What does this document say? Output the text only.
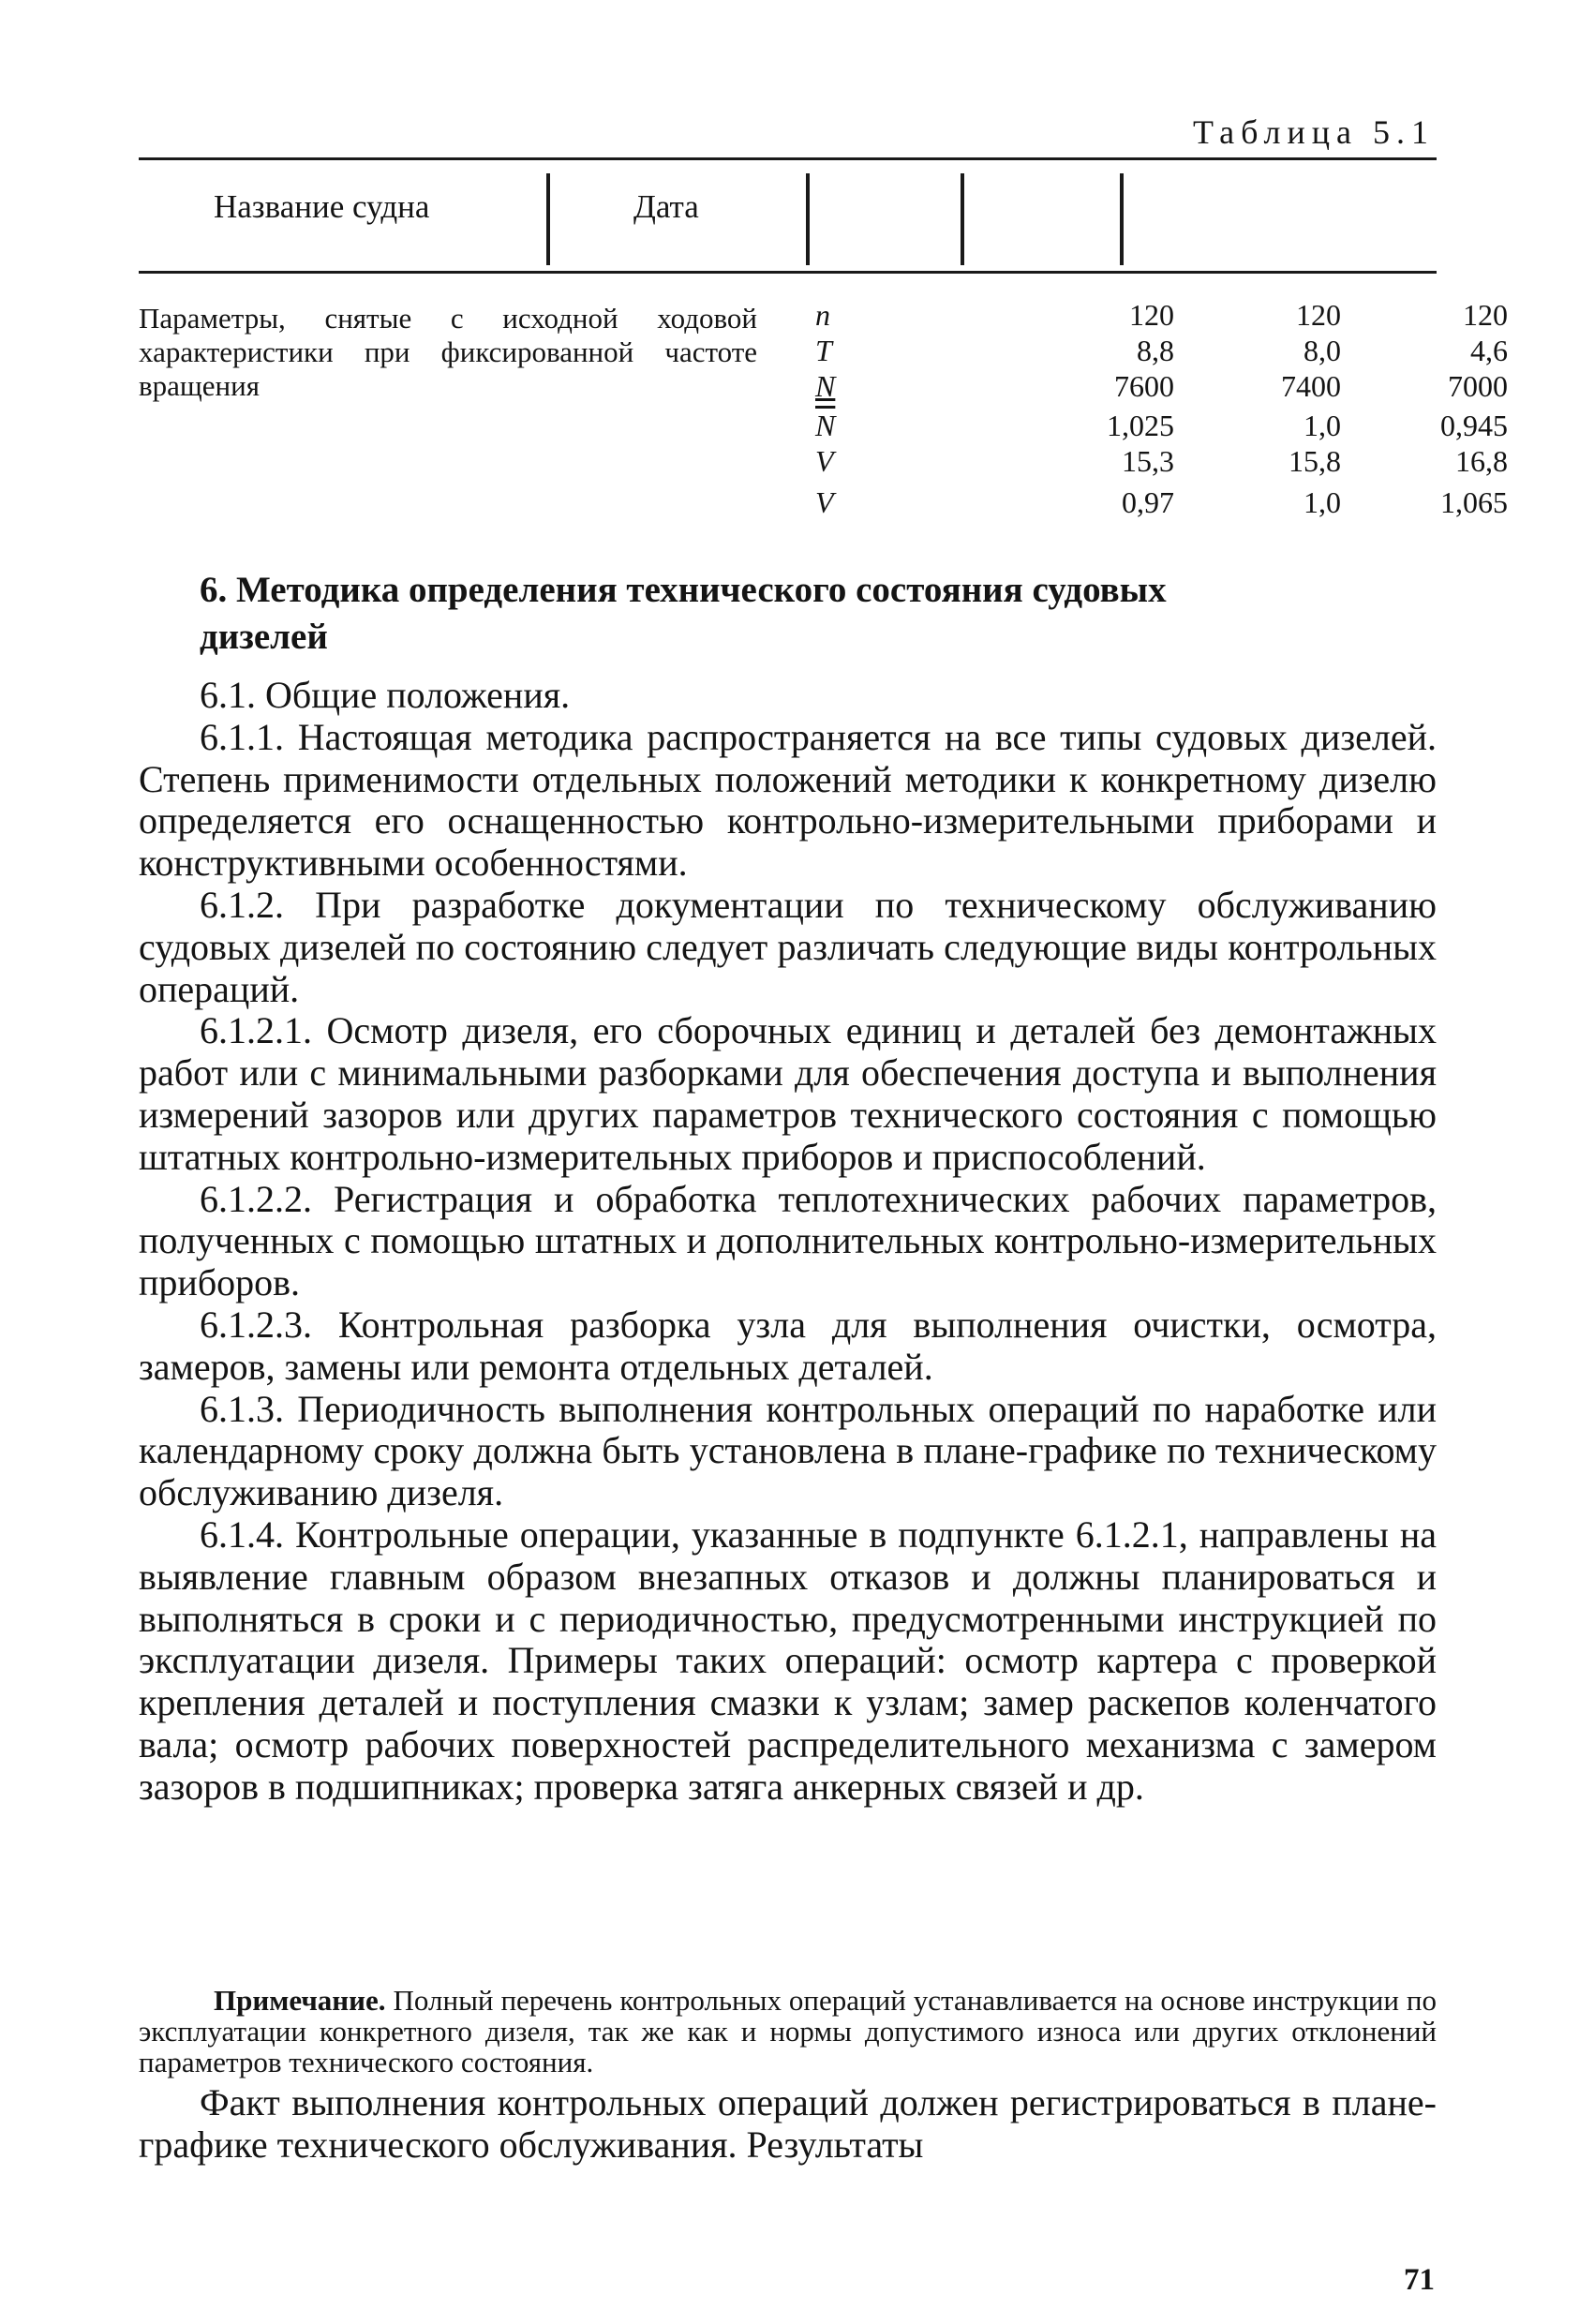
Таблица 5.1
Название судна	Дата
Параметры, снятые с исходной ходовой характеристики при фиксированной частоте вращения
n	120	120	120
T	8,8	8,0	4,6
N	7600	7400	7000
$\overline{N}$	1,025	1,0	0,945
V	15,3	15,8	16,8
V	0,97	1,0	1,065
6. Методика определения технического состояния судовых дизелей

6.1. Общие положения.

6.1.1. Настоящая методика распространяется на все типы судовых дизелей. Степень применимости отдельных положений методики к конкретному дизелю определяется его оснащенностью контрольно-измерительными приборами и конструктивными особенностями.

6.1.2. При разработке документации по техническому обслуживанию судовых дизелей по состоянию следует различать следующие виды контрольных операций.

6.1.2.1. Осмотр дизеля, его сборочных единиц и деталей без демонтажных работ или с минимальными разборками для обеспечения доступа и выполнения измерений зазоров или других параметров технического состояния с помощью штатных контрольно-измерительных приборов и приспособлений.

6.1.2.2. Регистрация и обработка теплотехнических рабочих параметров, полученных с помощью штатных и дополнительных контрольно-измерительных приборов.

6.1.2.3. Контрольная разборка узла для выполнения очистки, осмотра, замеров, замены или ремонта отдельных деталей.

6.1.3. Периодичность выполнения контрольных операций по наработке или календарному сроку должна быть установлена в плане-графике по техническому обслуживанию дизеля.

6.1.4. Контрольные операции, указанные в подпункте 6.1.2.1, направлены на выявление главным образом внезапных отказов и должны планироваться и выполняться в сроки и с периодичностью, предусмотренными инструкцией по эксплуатации дизеля. Примеры таких операций: осмотр картера с проверкой крепления деталей и поступления смазки к узлам; замер раскепов коленчатого вала; осмотр рабочих поверхностей распределительного механизма с замером зазоров в подшипниках; проверка затяга анкерных связей и др.

Примечание. Полный перечень контрольных операций устанавливается на основе инструкции по эксплуатации конкретного дизеля, так же как и нормы допустимого износа или других отклонений параметров технического состояния.
Факт выполнения контрольных операций должен регистрироваться в плане-графике технического обслуживания. Результаты
71
